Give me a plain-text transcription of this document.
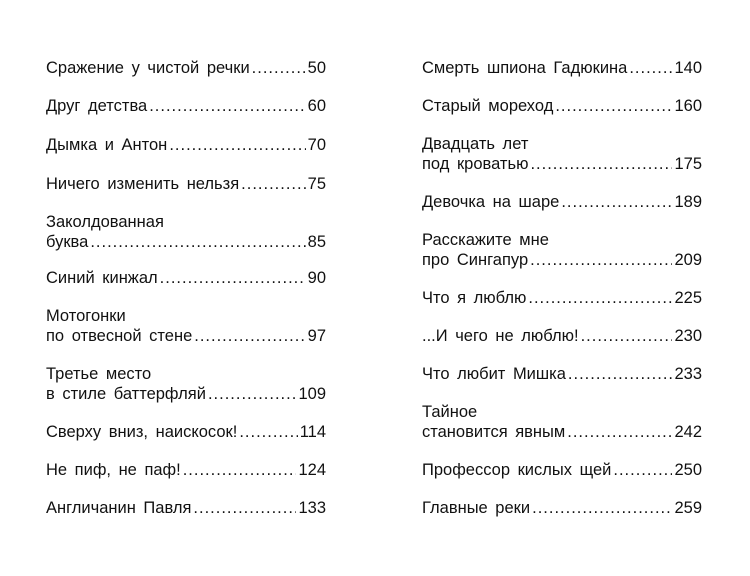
Сражение у чистой речки .....	50
Друг детства .....	60
Дымка и Антон .....	70
Ничего изменить нельзя .....	75
Заколдованная
буква .....	85
Синий кинжал .....	90
Мотогонки
по отвесной стене .....	97
Третье место
в стиле баттерфляй .....	109
Сверху вниз, наискосок! .....	114
Не пиф, не паф! .....	124
Англичанин Павля .....	133
Смерть шпиона Гадюкина .....	140
Старый мореход .....	160
Двадцать лет
под кроватью .....	175
Девочка на шаре .....	189
Расскажите мне
про Сингапур .....	209
Что я люблю .....	225
...И чего не люблю! .....	230
Что любит Мишка .....	233
Тайное
становится явным .....	242
Профессор кислых щей .....	250
Главные реки .....	259
